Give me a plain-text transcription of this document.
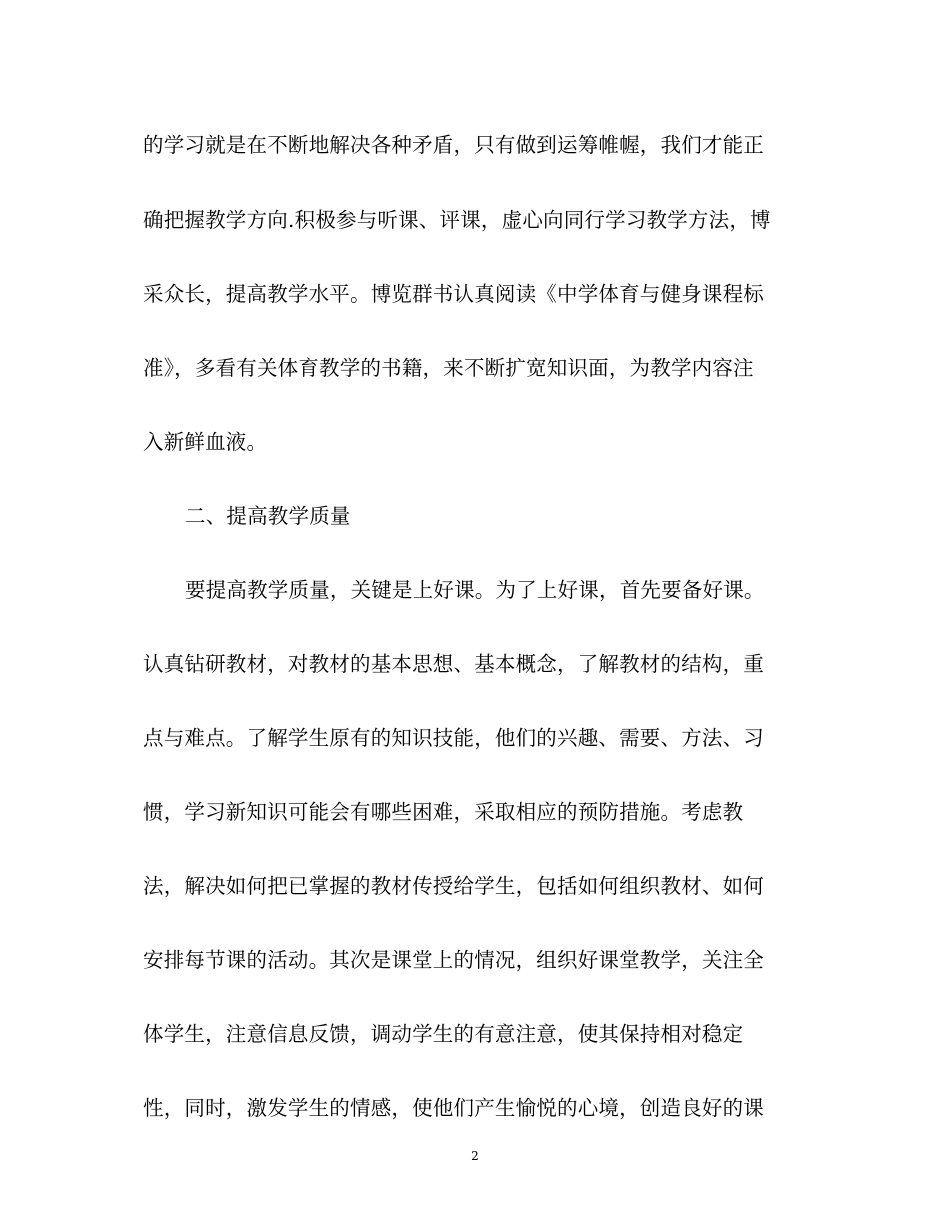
的学习就是在不断地解决各种矛盾，只有做到运筹帷幄，我们才能正
确把握教学方向.积极参与听课、评课，虚心向同行学习教学方法，博
采众长，提高教学水平。博览群书认真阅读《中学体育与健身课程标
准》，多看有关体育教学的书籍，来不断扩宽知识面，为教学内容注
入新鲜血液。
二、提高教学质量
要提高教学质量，关键是上好课。为了上好课，首先要备好课。
认真钻研教材，对教材的基本思想、基本概念，了解教材的结构，重
点与难点。了解学生原有的知识技能，他们的兴趣、需要、方法、习
惯，学习新知识可能会有哪些困难，采取相应的预防措施。考虑教
法，解决如何把已掌握的教材传授给学生，包括如何组织教材、如何
安排每节课的活动。其次是课堂上的情况，组织好课堂教学，关注全
体学生，注意信息反馈，调动学生的有意注意，使其保持相对稳定
性，同时，激发学生的情感，使他们产生愉悦的心境，创造良好的课
2
